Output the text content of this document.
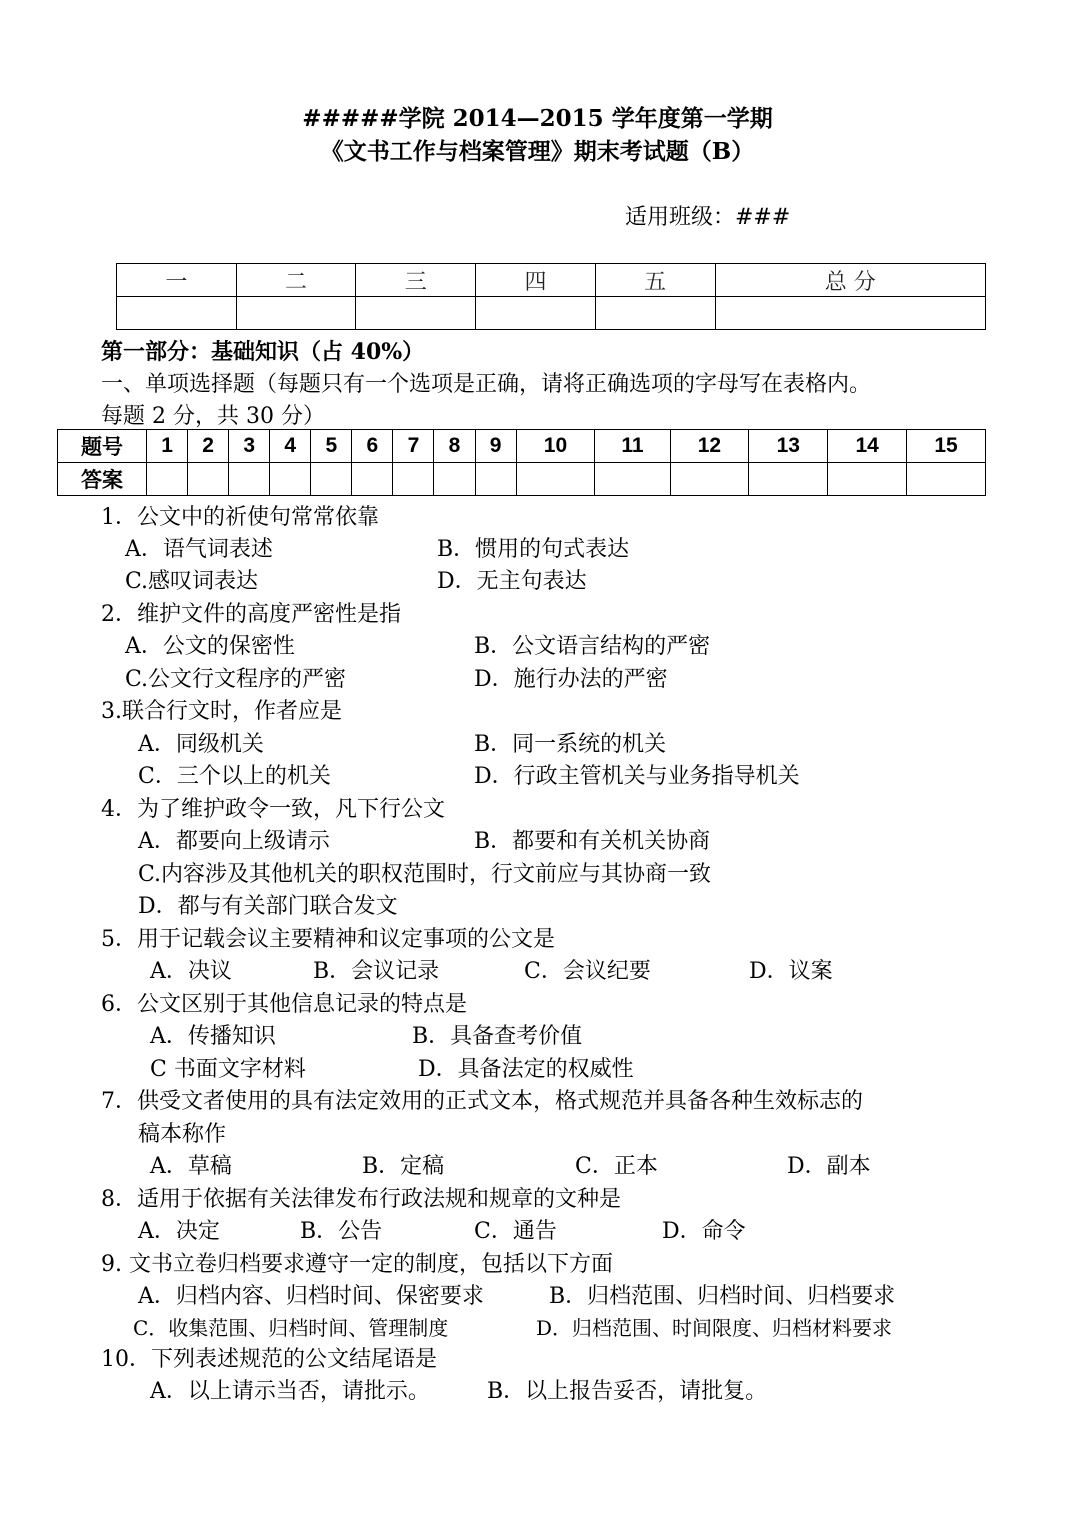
#####学院 2014—2015 学年度第一学期
《文书工作与档案管理》期末考试题（B）
适用班级：###
一	二	三	四	五	总 分

第一部分：基础知识（占 40%）
一、单项选择题（每题只有一个选项是正确，请将正确选项的字母写在表格内。
每题 2 分，共 30 分）
题号	1	2	3	4	5	6	7	8	9	10	11	12	13	14	15
答案															
1．公文中的祈使句常常依靠
A．语气词表述	B．惯用的句式表达
C.感叹词表达	D．无主句表达
2．维护文件的高度严密性是指
A．公文的保密性	B．公文语言结构的严密
C.公文行文程序的严密	D．施行办法的严密
3.联合行文时，作者应是
A．同级机关	B．同一系统的机关
C．三个以上的机关	D．行政主管机关与业务指导机关
4．为了维护政令一致，凡下行公文
A．都要向上级请示	B．都要和有关机关协商
C.内容涉及其他机关的职权范围时，行文前应与其协商一致
D．都与有关部门联合发文
5．用于记载会议主要精神和议定事项的公文是
A．决议	B．会议记录	C．会议纪要	D．议案
6．公文区别于其他信息记录的特点是
A．传播知识	B．具备查考价值
C 书面文字材料	D．具备法定的权威性
7．供受文者使用的具有法定效用的正式文本，格式规范并具备各种生效标志的
稿本称作
A．草稿	B．定稿	C．正本	D．副本
8．适用于依据有关法律发布行政法规和规章的文种是
A．决定	B．公告	C．通告	D．命令
9. 文书立卷归档要求遵守一定的制度，包括以下方面
A．归档内容、归档时间、保密要求	B．归档范围、归档时间、归档要求
C．收集范围、归档时间、管理制度	D．归档范围、时间限度、归档材料要求
10．下列表述规范的公文结尾语是
A．以上请示当否，请批示。	B．以上报告妥否，请批复。
